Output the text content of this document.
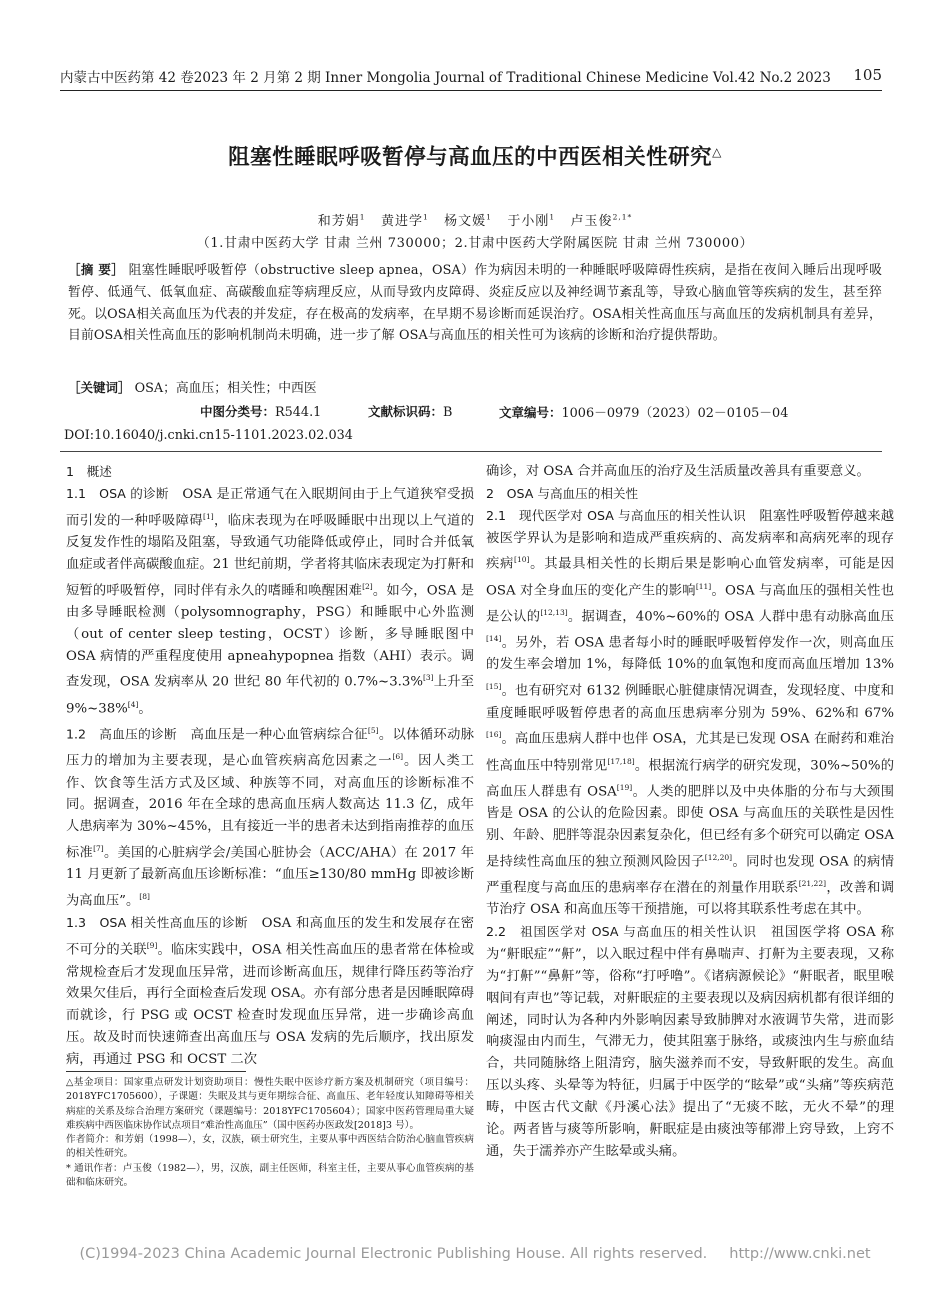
内蒙古中医药第 42 卷2023 年 2 月第 2 期 Inner Mongolia Journal of Traditional Chinese Medicine Vol.42 No.2 2023 105
阻塞性睡眠呼吸暂停与高血压的中西医相关性研究△
和芳娟$^1$ 黄进学$^1$ 杨文媛$^1$ 于小刚$^1$ 卢玉俊$^{2,1*}$
（1.甘肃中医药大学 甘肃 兰州 730000；2.甘肃中医药大学附属医院 甘肃 兰州 730000）
［摘 要］ 阻塞性睡眠呼吸暂停（obstructive sleep apnea，OSA）作为病因未明的一种睡眠呼吸障碍性疾病，是指在夜间入睡后出现呼吸暂停、低通气、低氧血症、高碳酸血症等病理反应，从而导致内皮障碍、炎症反应以及神经调节紊乱等，导致心脑血管等疾病的发生，甚至猝死。以OSA相关高血压为代表的并发症，存在极高的发病率，在早期不易诊断而延误治疗。OSA相关性高血压与高血压的发病机制具有差异，目前OSA相关性高血压的影响机制尚未明确，进一步了解 OSA与高血压的相关性可为该病的诊断和治疗提供帮助。
［关键词］ OSA；高血压；相关性；中西医
中图分类号：R544.1	文献标识码：B	文章编号：1006－0979（2023）02－0105－04
DOI:10.16040/j.cnki.cn15-1101.2023.02.034

1　概述

1.1　OSA 的诊断　 OSA 是正常通气在入眠期间由于上气道狭窄受损而引发的一种呼吸障碍[1]，临床表现为在呼吸睡眠中出现以上气道的反复发作性的塌陷及阻塞，导致通气功能降低或停止，同时合并低氧血症或者伴高碳酸血症。21 世纪前期，学者将其临床表现定为打鼾和短暂的呼吸暂停，同时伴有永久的嗜睡和唤醒困难[2]。如今，OSA 是由多导睡眠检测（polysomnography，PSG）和睡眠中心外监测（out of center sleep testing，OCST）诊断，多导睡眠图中 OSA 病情的严重程度使用 apneahypopnea 指数（AHI）表示。调查发现，OSA 发病率从 20 世纪 80 年代初的 0.7%~3.3%[3]上升至 9%~38%[4]。

1.2　高血压的诊断　 高血压是一种心血管病综合征[5]。以体循环动脉压力的增加为主要表现，是心血管疾病高危因素之一[6]。因人类工作、饮食等生活方式及区域、种族等不同，对高血压的诊断标准不同。据调查，2016 年在全球的患高血压病人数高达 11.3 亿，成年人患病率为 30%~45%，且有接近一半的患者未达到指南推荐的血压标准[7]。美国的心脏病学会/美国心脏协会（ACC/AHA）在 2017 年 11 月更新了最新高血压诊断标准：“血压≥130/80 mmHg 即被诊断为高血压”。[8]

1.3　OSA 相关性高血压的诊断　 OSA 和高血压的发生和发展存在密不可分的关联[9]。临床实践中，OSA 相关性高血压的患者常在体检或常规检查后才发现血压异常，进而诊断高血压，规律行降压药等治疗效果欠佳后，再行全面检查后发现 OSA。亦有部分患者是因睡眠障碍而就诊，行 PSG 或 OCST 检查时发现血压异常，进一步确诊高血压。故及时而快速筛查出高血压与 OSA 发病的先后顺序，找出原发病，再通过 PSG 和 OCST 二次

△基金项目：国家重点研发计划资助项目：慢性失眠中医诊疗新方案及机制研究（项目编号：2018YFC1705600），子课题：失眠及其与更年期综合征、高血压、老年轻度认知障碍等相关病症的关系及综合治理方案研究（课题编号：2018YFC1705604）；国家中医药管理局重大疑难疾病中西医临床协作试点项目“难治性高血压”（国中医药办医政发[2018]3 号）。

作者简介：和芳娟（1998—），女，汉族，硕士研究生，主要从事中西医结合防治心脑血管疾病的相关性研究。

* 通讯作者：卢玉俊（1982—），男，汉族，副主任医师，科室主任，主要从事心血管疾病的基础和临床研究。

确诊，对 OSA 合并高血压的治疗及生活质量改善具有重要意义。

2　OSA 与高血压的相关性

2.1　现代医学对 OSA 与高血压的相关性认识　 阻塞性呼吸暂停越来越被医学界认为是影响和造成严重疾病的、高发病率和高病死率的现存疾病[10]。其最具相关性的长期后果是影响心血管发病率，可能是因 OSA 对全身血压的变化产生的影响[11]。OSA 与高血压的强相关性也是公认的[12,13]。据调查，40%~60%的 OSA 人群中患有动脉高血压[14]。另外，若 OSA 患者每小时的睡眠呼吸暂停发作一次，则高血压的发生率会增加 1%，每降低 10%的血氧饱和度而高血压增加 13%[15]。也有研究对 6132 例睡眠心脏健康情况调查，发现轻度、中度和重度睡眠呼吸暂停患者的高血压患病率分别为 59%、62%和 67%[16]。高血压患病人群中也伴 OSA，尤其是已发现 OSA 在耐药和难治性高血压中特别常见[17,18]。根据流行病学的研究发现，30%~50%的高血压人群患有 OSA[19]。人类的肥胖以及中央体脂的分布与大颈围皆是 OSA 的公认的危险因素。即使 OSA 与高血压的关联性是因性别、年龄、肥胖等混杂因素复杂化，但已经有多个研究可以确定 OSA 是持续性高血压的独立预测风险因子[12,20]。同时也发现 OSA 的病情严重程度与高血压的患病率存在潜在的剂量作用联系[21,22]，改善和调节治疗 OSA 和高血压等干预措施，可以将其联系性考虑在其中。

2.2　祖国医学对 OSA 与高血压的相关性认识　 祖国医学将 OSA 称为“鼾眠症”“鼾”，以入眠过程中伴有鼻喘声、打鼾为主要表现，又称为“打鼾”“鼻鼾”等，俗称“打呼噜”。《诸病源候论》“鼾眠者，眠里喉咽间有声也”等记载，对鼾眠症的主要表现以及病因病机都有很详细的阐述，同时认为各种内外影响因素导致肺脾对水液调节失常，进而影响痰湿由内而生，气滞无力，使其阻塞于脉络，或痰浊内生与瘀血结合，共同随脉络上阻清窍，脑失滋养而不安，导致鼾眠的发生。高血压以头疼、头晕等为特征，归属于中医学的“眩晕”或“头痛”等疾病范畴，中医古代文献《丹溪心法》提出了“无痰不眩，无火不晕”的理论。两者皆与痰等所影响，鼾眠症是由痰浊等郁滞上窍导致，上窍不通，失于濡养亦产生眩晕或头痛。

(C)1994-2023 China Academic Journal Electronic Publishing House. All rights reserved. http://www.cnki.net
